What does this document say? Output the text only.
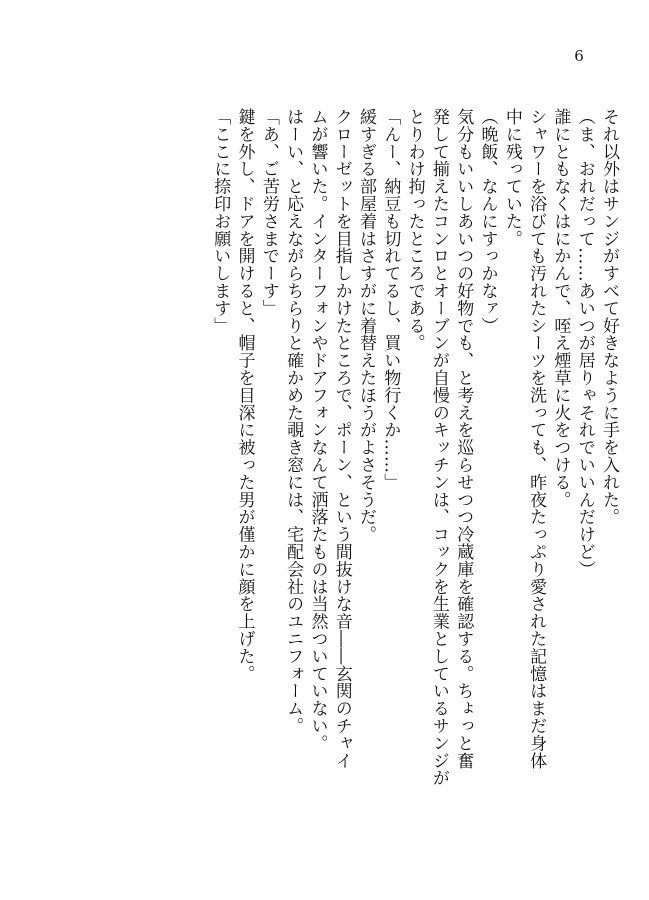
6
それ以外はサンジがすべて好きなように手を入れた。
（ま、おれだって……あいつが居りゃそれでいいんだけど）
誰にともなくはにかんで、咥え煙草に火をつける。
シャワーを浴びても汚れたシーツを洗っても、昨夜たっぷり愛された記憶はまだ身体
中に残っていた。
（晩飯、なんにすっかなァ）
気分もいいしあいつの好物でも、と考えを巡らせつつ冷蔵庫を確認する。ちょっと奮
発して揃えたコンロとオーブンが自慢のキッチンは、コックを生業としているサンジが
とりわけ拘ったところである。
「んー、納豆も切れてるし、買い物行くか……」
緩すぎる部屋着はさすがに着替えたほうがよさそうだ。
クローゼットを目指しかけたところで、ポーン、という間抜けな音――玄関のチャイ
ムが響いた。インターフォンやドアフォンなんて洒落たものは当然ついていない。
はーい、と応えながらちらりと確かめた覗き窓には、宅配会社のユニフォーム。
「あ、ご苦労さまでーす」
鍵を外し、ドアを開けると、帽子を目深に被った男が僅かに顔を上げた。
「ここに捺印お願いします」
